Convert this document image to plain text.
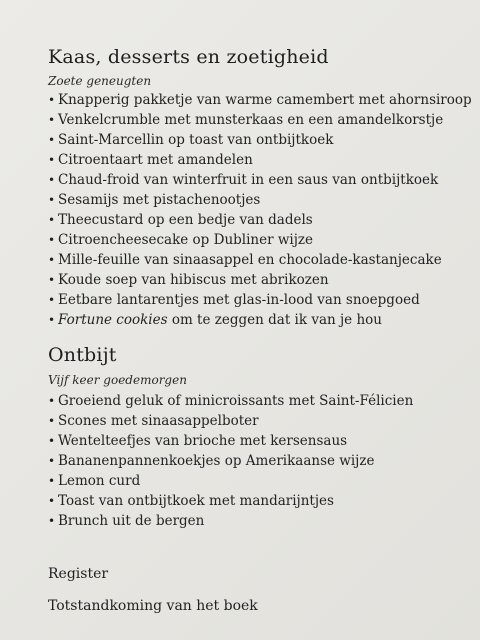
Kaas, desserts en zoetigheid

Zoete geneugten

• Knapperig pakketje van warme camembert met ahornsiroop
• Venkelcrumble met munsterkaas en een amandelkorstje
• Saint-Marcellin op toast van ontbijtkoek
• Citroentaart met amandelen
• Chaud-froid van winterfruit in een saus van ontbijtkoek
• Sesamijs met pistachenootjes
• Theecustard op een bedje van dadels
• Citroencheesecake op Dubliner wijze
• Mille-feuille van sinaasappel en chocolade-kastanjecake
• Koude soep van hibiscus met abrikozen
• Eetbare lantarentjes met glas-in-lood van snoepgoed
• Fortune cookies om te zeggen dat ik van je hou
Ontbijt

Vijf keer goedemorgen

• Groeiend geluk of minicroissants met Saint-Félicien
• Scones met sinaasappelboter
• Wentelteefjes van brioche met kersensaus
• Bananenpannenkoekjes op Amerikaanse wijze
• Lemon curd
• Toast van ontbijtkoek met mandarijntjes
• Brunch uit de bergen

Register

Totstandkoming van het boek
